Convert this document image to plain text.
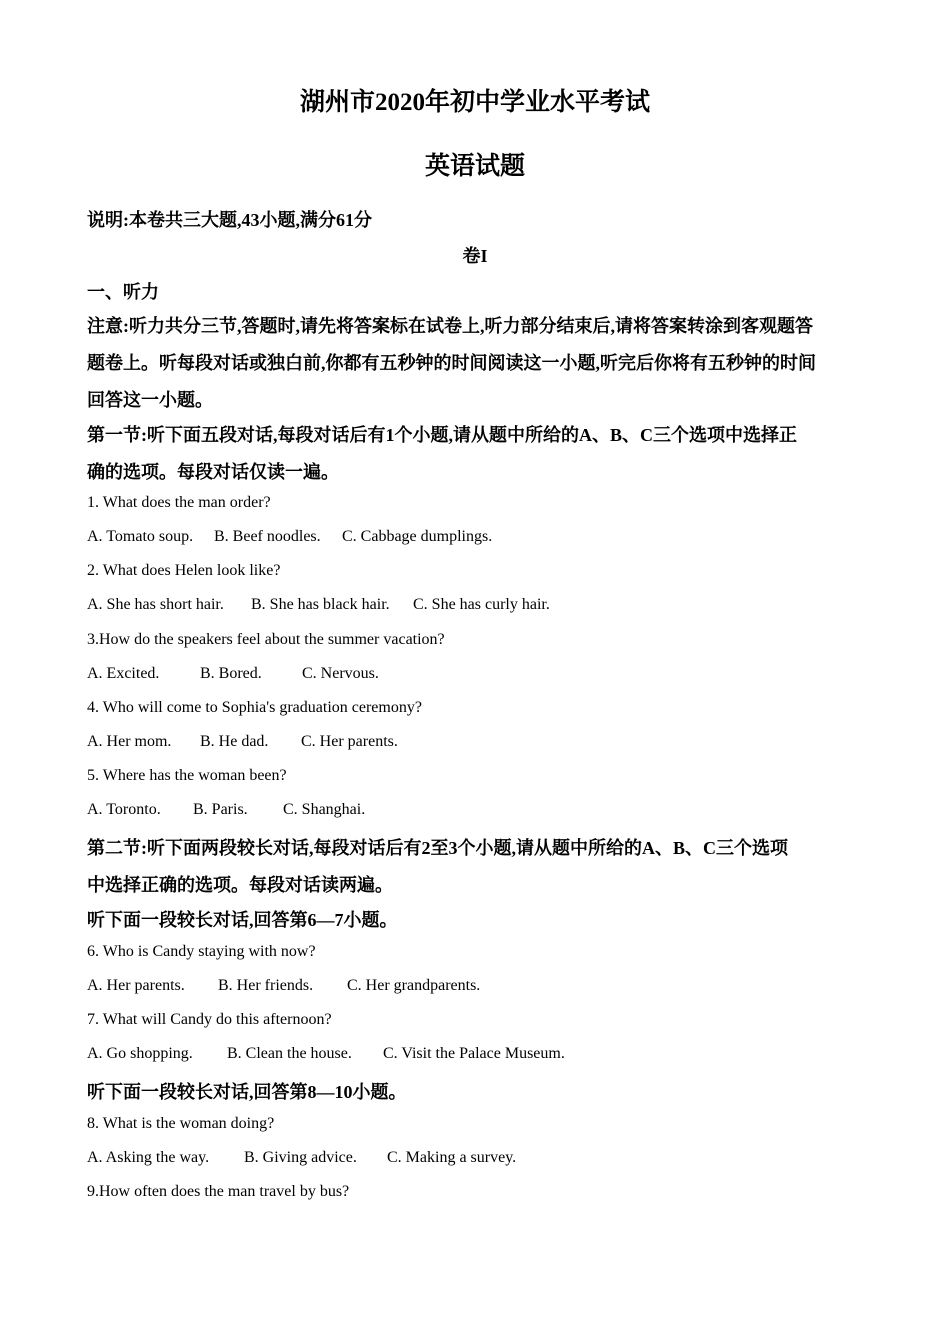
湖州市2020年初中学业水平考试
英语试题
说明:本卷共三大题,43小题,满分61分
卷I
一、听力
注意:听力共分三节,答题时,请先将答案标在试卷上,听力部分结束后,请将答案转涂到客观题答
题卷上。听每段对话或独白前,你都有五秒钟的时间阅读这一小题,听完后你将有五秒钟的时间
回答这一小题。
第一节:听下面五段对话,每段对话后有1个小题,请从题中所给的A、B、C三个选项中选择正
确的选项。每段对话仅读一遍。
1. What does the man order?
A. Tomato soup. B. Beef noodles. C. Cabbage dumplings.
2. What does Helen look like?
A. She has short hair. B. She has black hair. C. She has curly hair.
3.How do the speakers feel about the summer vacation?
A. Excited.	B. Bored.	C. Nervous.
4. Who will come to Sophia's graduation ceremony?
A. Her mom. B. He dad. C. Her parents.
5. Where has the woman been?
A. Toronto. B. Paris. C. Shanghai.
第二节:听下面两段较长对话,每段对话后有2至3个小题,请从题中所给的A、B、C三个选项
中选择正确的选项。每段对话读两遍。
听下面一段较长对话,回答第6—7小题。
6. Who is Candy staying with now?
A. Her parents. B. Her friends. C. Her grandparents.
7. What will Candy do this afternoon?
A. Go shopping. B. Clean the house. C. Visit the Palace Museum.
听下面一段较长对话,回答第8—10小题。
8. What is the woman doing?
A. Asking the way. B. Giving advice. C. Making a survey.
9.How often does the man travel by bus?
